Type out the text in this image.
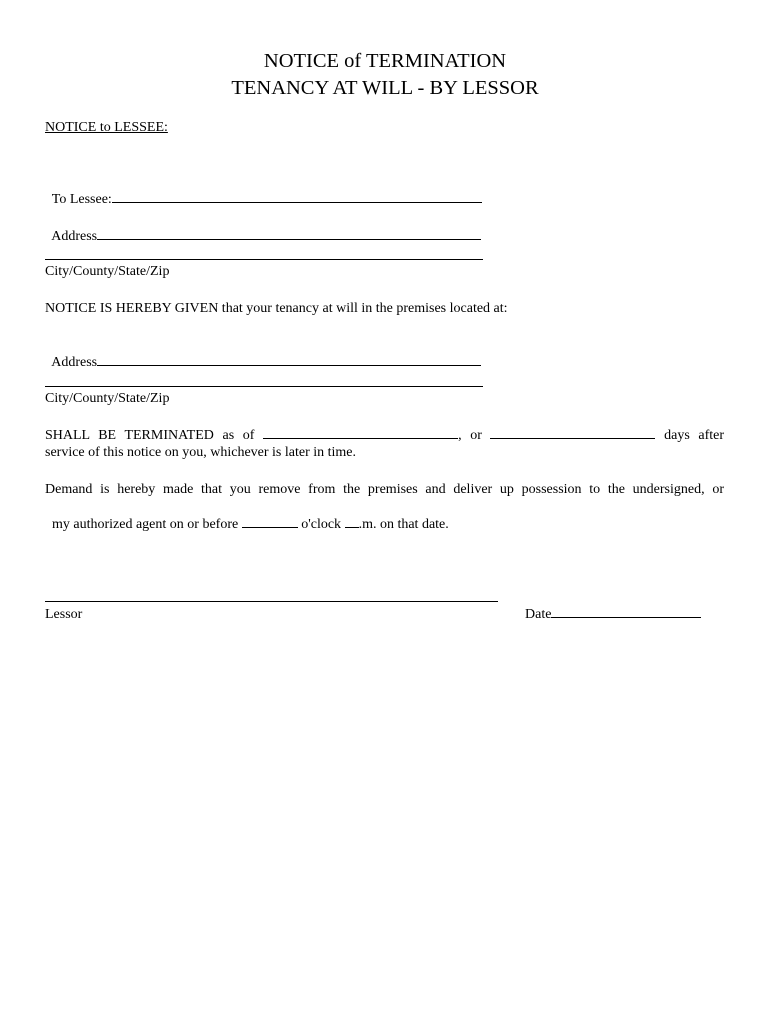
NOTICE of TERMINATION
TENANCY AT WILL - BY LESSOR
NOTICE to LESSEE:

To Lessee:

Address

City/County/State/Zip
NOTICE IS HEREBY GIVEN that your tenancy at will in the premises located at:

Address

City/County/State/Zip
SHALL BE TERMINATED as of	, or	days after
service of this notice on you, whichever is later in time.
Demand is hereby made that you remove from the premises and deliver up possession to the undersigned, or

my authorized agent on or before	o'clock .m. on that date.

Lessor	Date
